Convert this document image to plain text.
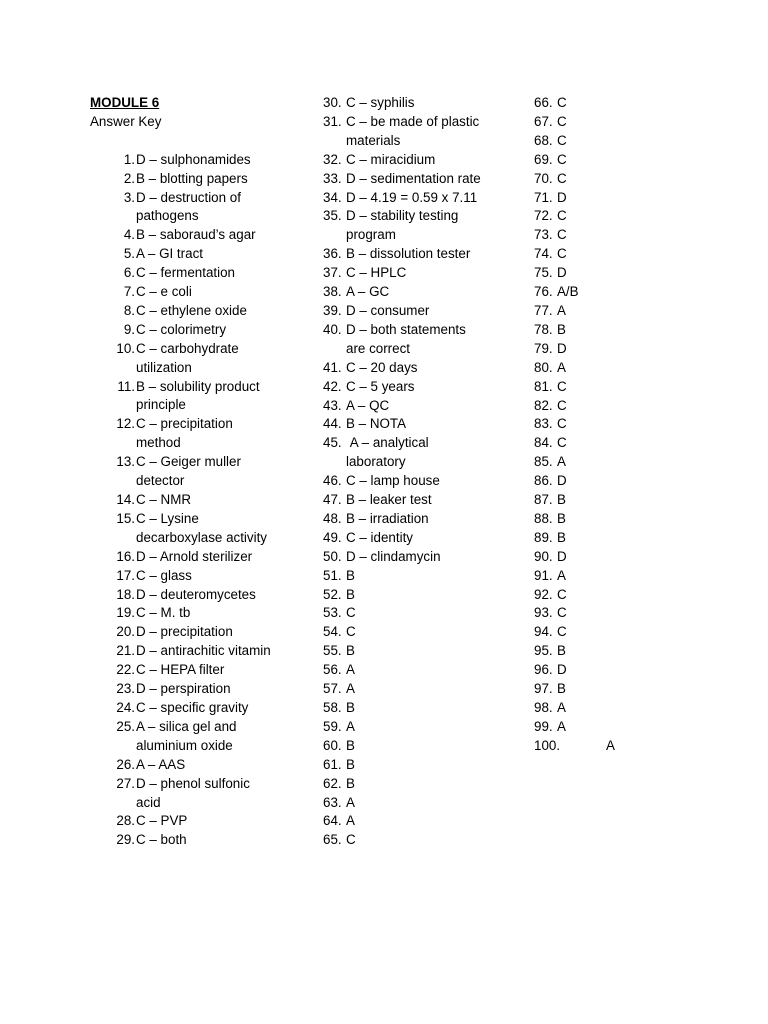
MODULE 6
Answer Key
1. D – sulphonamides
2. B – blotting papers
3. D – destruction of pathogens
4. B – saboraud’s agar
5. A – GI tract
6. C – fermentation
7. C – e coli
8. C – ethylene oxide
9. C – colorimetry
10. C – carbohydrate utilization
11. B – solubility product principle
12. C – precipitation method
13. C – Geiger muller detector
14. C – NMR
15. C – Lysine decarboxylase activity
16. D – Arnold sterilizer
17. C – glass
18. D – deuteromycetes
19. C – M. tb
20. D – precipitation
21. D – antirachitic vitamin
22. C – HEPA filter
23. D – perspiration
24. C – specific gravity
25. A – silica gel and aluminium oxide
26. A – AAS
27. D – phenol sulfonic acid
28. C – PVP
29. C – both
30. C – syphilis
31. C – be made of plastic materials
32. C – miracidium
33. D – sedimentation rate
34. D – 4.19 = 0.59 x 7.11
35. D – stability testing program
36. B – dissolution tester
37. C – HPLC
38. A – GC
39. D – consumer
40. D – both statements are correct
41. C – 20 days
42. C – 5 years
43. A – QC
44. B – NOTA
45. A – analytical laboratory
46. C – lamp house
47. B – leaker test
48. B – irradiation
49. C – identity
50. D – clindamycin
51. B
52. B
53. C
54. C
55. B
56. A
57. A
58. B
59. A
60. B
61. B
62. B
63. A
64. A
65. C
66. C
67. C
68. C
69. C
70. C
71. D
72. C
73. C
74. C
75. D
76. A/B
77. A
78. B
79. D
80. A
81. C
82. C
83. C
84. C
85. A
86. D
87. B
88. B
89. B
90. D
91. A
92. C
93. C
94. C
95. B
96. D
97. B
98. A
99. A
100.	A
